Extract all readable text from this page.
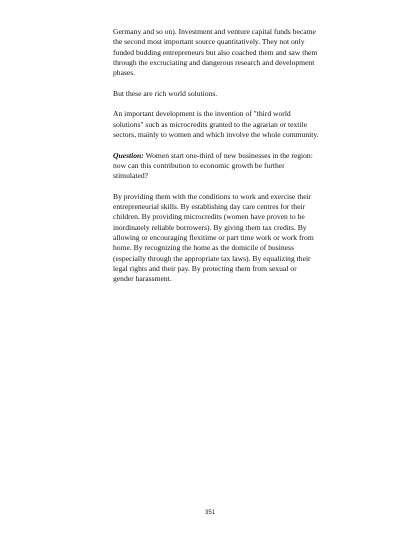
Germany and so on). Investment and venture capital funds became the second most important source quantitatively. They not only funded budding entrepreneurs but also coached them and saw them through the excruciating and dangerous research and development phases.

But these are rich world solutions.

An important development is the invention of "third world solutions" such as microcredits granted to the agrarian or textile sectors, mainly to women and which involve the whole community.

Question: Women start one-third of new businesses in the region: now can this contribution to economic growth be further stimulated?

By providing them with the conditions to work and exercise their entrepreneurial skills. By establishing day care centres for their children. By providing microcredits (women have proven to be inordinately reliable borrowers). By giving them tax credits. By allowing or encouraging flexitime or part time work or work from home. By recognizing the home as the domicile of business (especially through the appropriate tax laws). By equalizing their legal rights and their pay. By protecting them from sexual or gender harassment.

351
